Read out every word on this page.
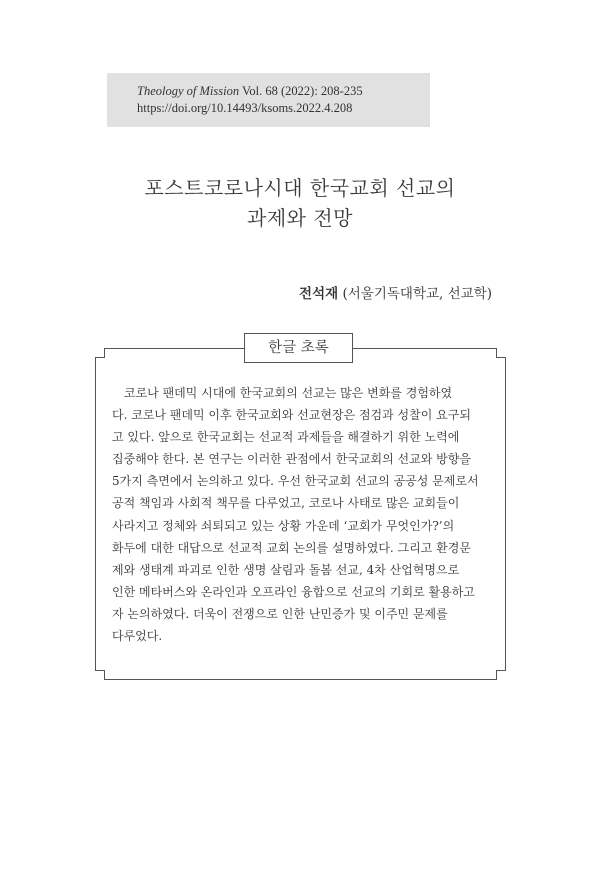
Theology of Mission Vol. 68 (2022): 208-235
https://doi.org/10.14493/ksoms.2022.4.208
포스트코로나시대 한국교회 선교의
과제와 전망
전석재 (서울기독대학교, 선교학)
한글 초록

코로나 팬데믹 시대에 한국교회의 선교는 많은 변화를 경험하였
다. 코로나 팬데믹 이후 한국교회와 선교현장은 점검과 성찰이 요구되
고 있다. 앞으로 한국교회는 선교적 과제들을 해결하기 위한 노력에
집중해야 한다. 본 연구는 이러한 관점에서 한국교회의 선교와 방향을
5가지 측면에서 논의하고 있다. 우선 한국교회 선교의 공공성 문제로서
공적 책임과 사회적 책무를 다루었고, 코로나 사태로 많은 교회들이
사라지고 정체와 쇠퇴되고 있는 상황 가운데 ‘교회가 무엇인가?’의
화두에 대한 대답으로 선교적 교회 논의를 설명하였다. 그리고 환경문
제와 생태계 파괴로 인한 생명 살림과 돌봄 선교, 4차 산업혁명으로
인한 메타버스와 온라인과 오프라인 융합으로 선교의 기회로 활용하고
자 논의하였다. 더욱이 전쟁으로 인한 난민증가 및 이주민 문제를
다루었다.
